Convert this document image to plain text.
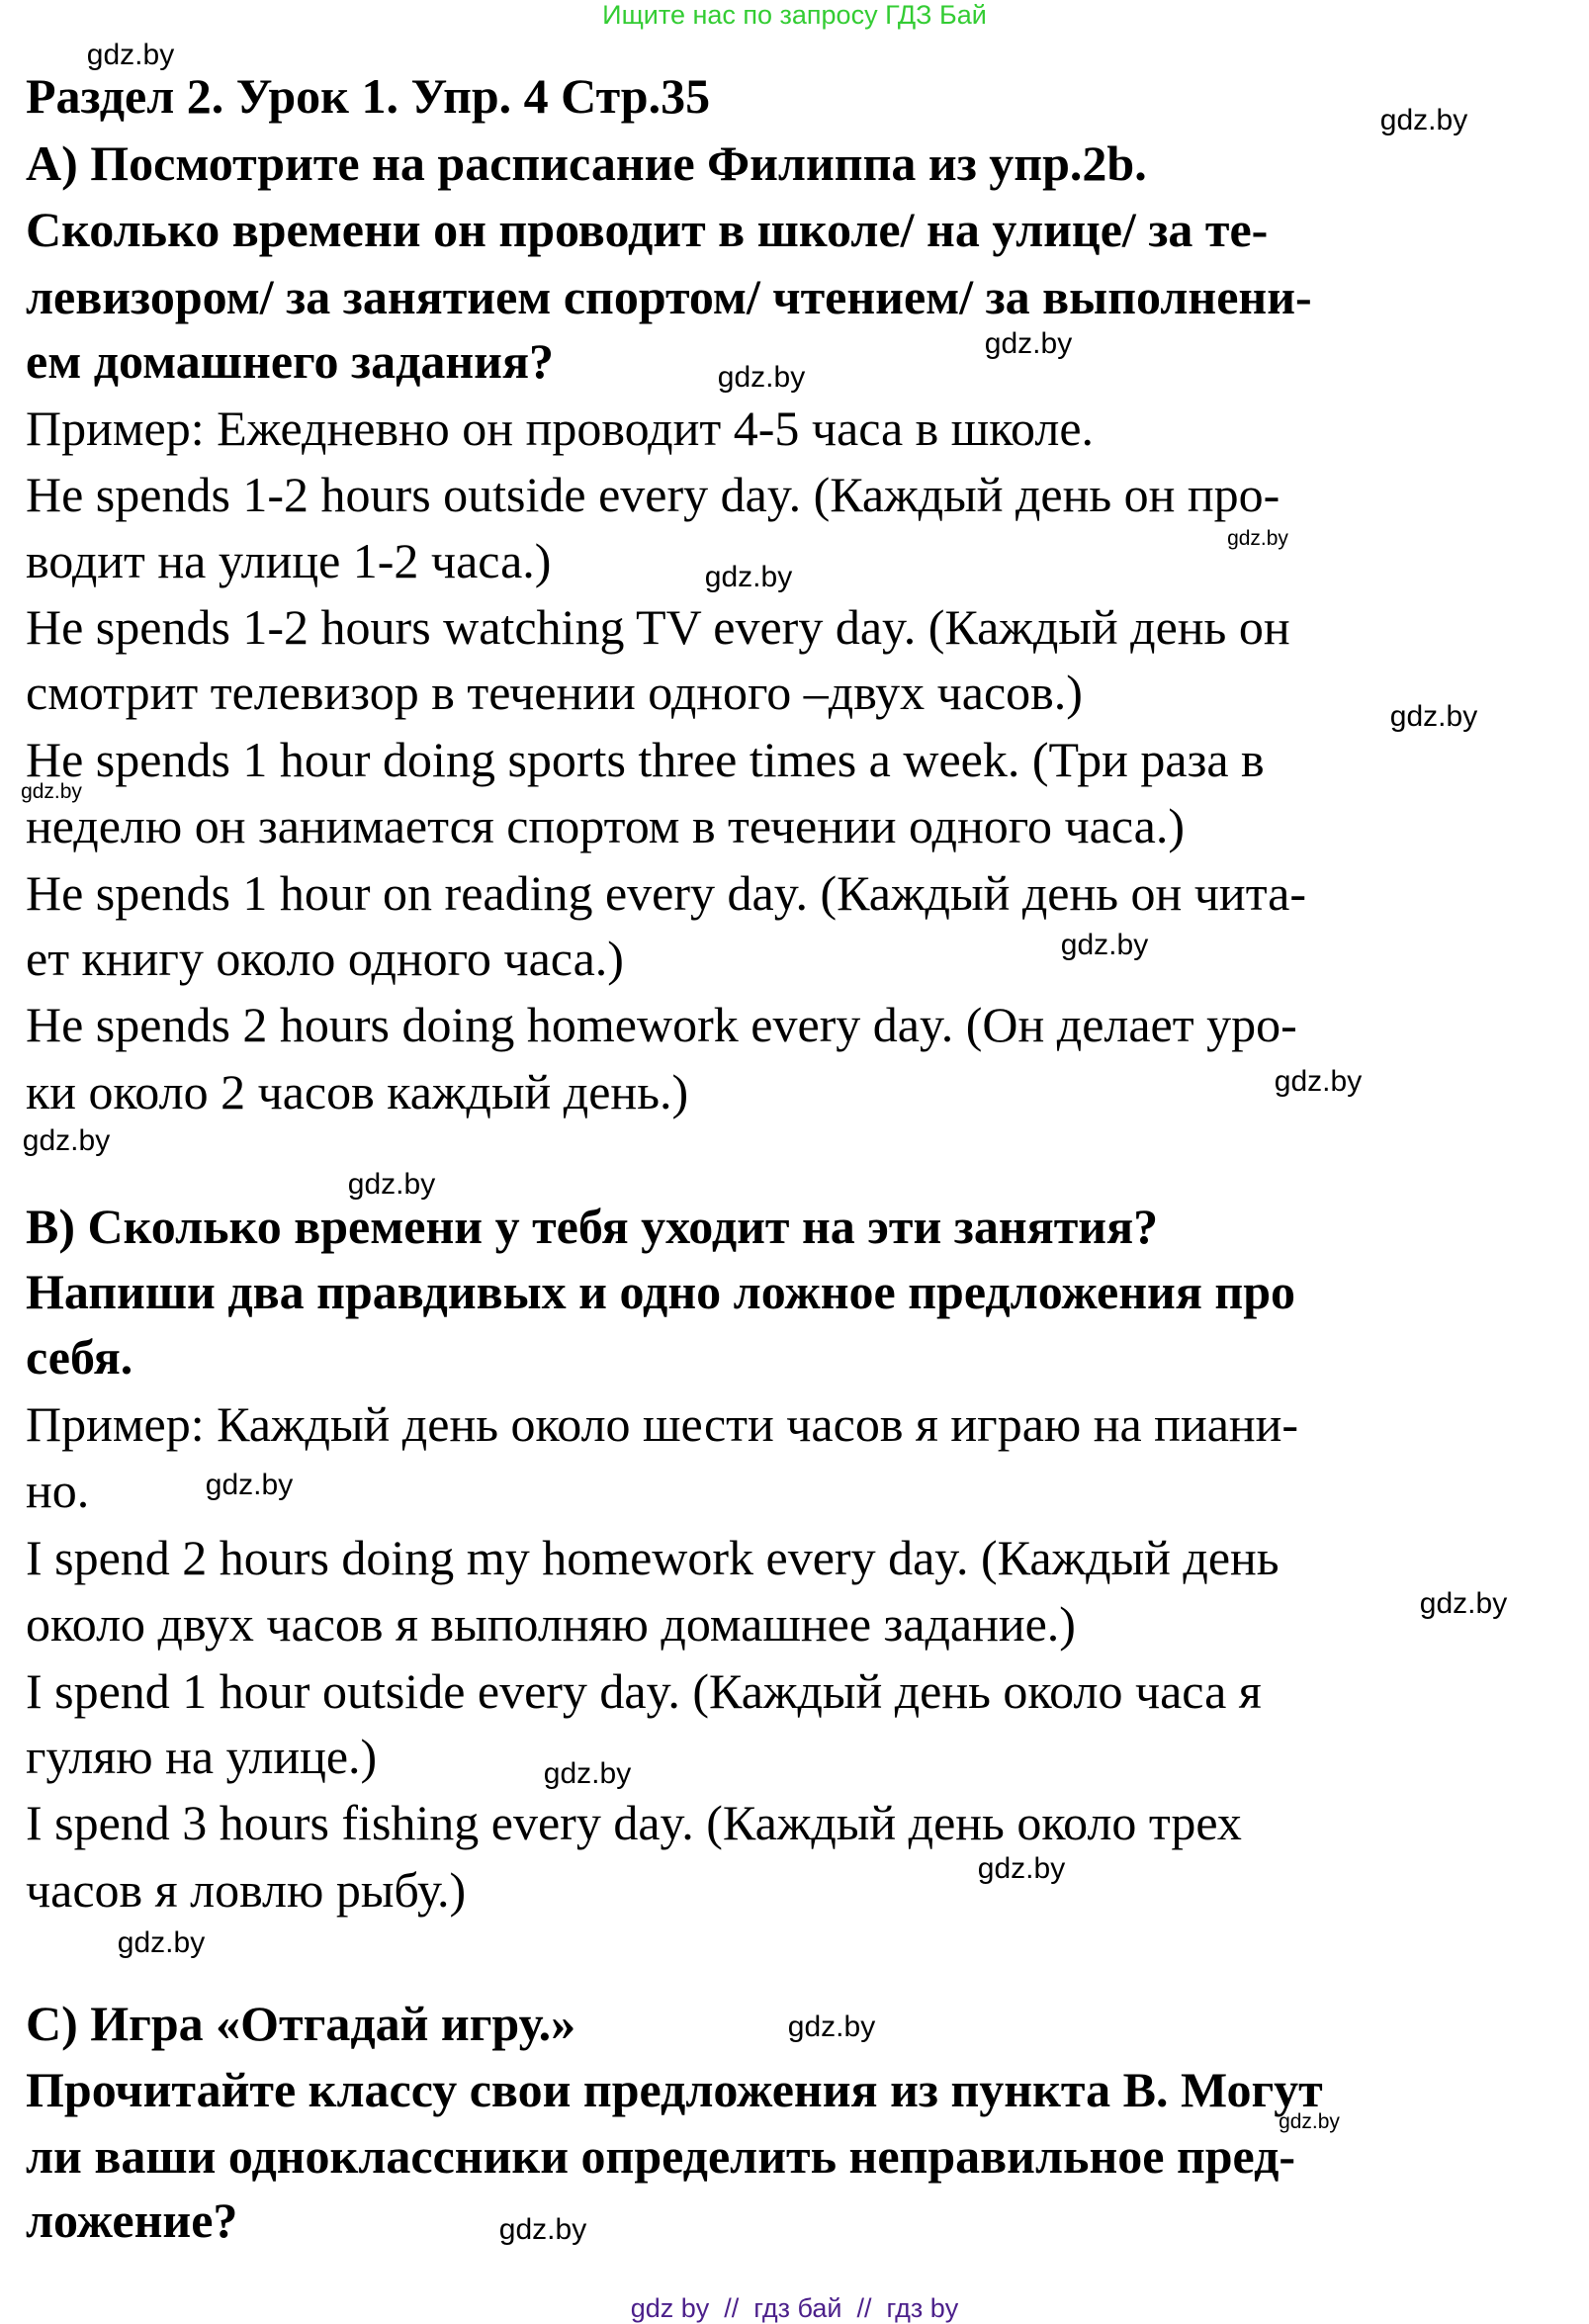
Ищите нас по запросу ГДЗ Бай
Раздел 2. Урок 1. Упр. 4 Стр.35
А) Посмотрите на расписание Филиппа из упр.2b.
Сколько времени он проводит в школе/ на улице/ за те-
левизором/ за занятием спортом/ чтением/ за выполнени-
ем домашнего задания?
Пример: Ежедневно он проводит 4-5 часа в школе.
He spends 1-2 hours outside every day. (Каждый день он про-
водит на улице 1-2 часа.)
He spends 1-2 hours watching TV every day. (Каждый день он
смотрит телевизор в течении одного –двух часов.)
He spends 1 hour doing sports three times a week. (Три раза в
неделю он занимается спортом в течении одного часа.)
He spends 1 hour on reading every day. (Каждый день он чита-
ет книгу около одного часа.)
He spends 2 hours doing homework every day. (Он делает уро-
ки около 2 часов каждый день.)
B) Сколько времени у тебя уходит на эти занятия?
Напиши два правдивых и одно ложное предложения про
себя.
Пример: Каждый день около шести часов я играю на пиани-
но.
I spend 2 hours doing my homework every day. (Каждый день
около двух часов я выполняю домашнее задание.)
I spend 1 hour outside every day. (Каждый день около часа я
гуляю на улице.)
I spend 3 hours fishing every day. (Каждый день около трех
часов я ловлю рыбу.)
C) Игра «Отгадай игру.»
Прочитайте классу свои предложения из пункта B. Могут
ли ваши одноклассники определить неправильное пред-
ложение?
gdz.by
gdz.by
gdz.by
gdz.by
gdz.by
gdz.by
gdz.by
gdz.by
gdz.by
gdz.by
gdz.by
gdz.by
gdz.by
gdz.by
gdz.by
gdz.by
gdz.by
gdz.by
gdz.by
gdz.by
gdz by  //  гдз бай  //  гдз by
